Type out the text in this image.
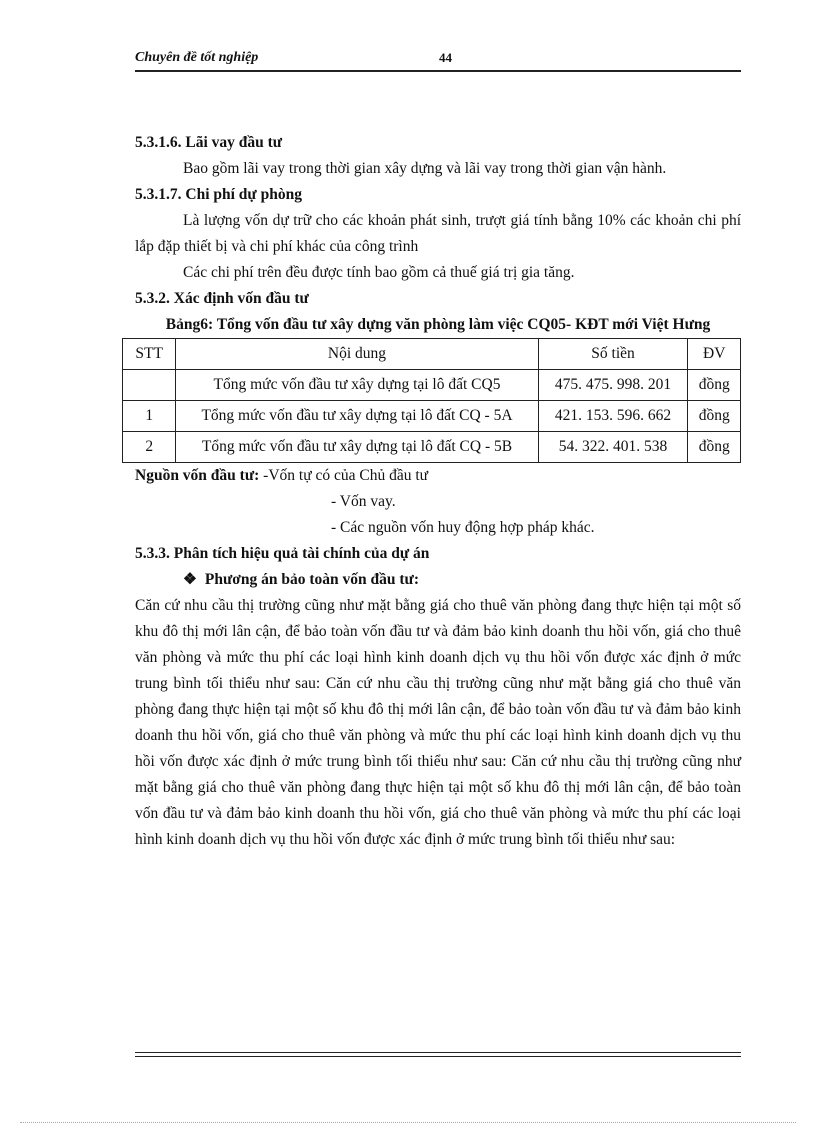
Chuyên đề tốt nghiệp	44

5.3.1.6. Lãi vay đầu tư

Bao gồm lãi vay trong thời gian xây dựng và lãi vay trong thời gian vận hành.

5.3.1.7. Chi phí dự phòng

Là lượng vốn dự trữ cho các khoản phát sinh, trượt giá tính bằng 10% các khoản chi phí lắp đặp thiết bị và chi phí khác của công trình

Các chi phí trên đều được tính bao gồm cả thuế giá trị gia tăng.

5.3.2. Xác định vốn đầu tư

Bảng6: Tổng vốn đầu tư xây dựng văn phòng làm việc CQ05- KĐT mới Việt Hưng

STT	Nội dung	Số tiền	ĐV
	Tổng mức vốn đầu tư xây dựng tại lô đất CQ5	475. 475. 998. 201	đồng
1	Tổng mức vốn đầu tư xây dựng tại lô đất CQ - 5A	421. 153. 596. 662	đồng
2	Tổng mức vốn đầu tư xây dựng tại lô đất CQ - 5B	54. 322. 401. 538	đồng

Nguồn vốn đầu tư: -Vốn tự có của Chủ đầu tư

- Vốn vay.

- Các nguồn vốn huy động hợp pháp khác.

5.3.3. Phân tích hiệu quả tài chính của dự án

❖ Phương án bảo toàn vốn đầu tư:

Căn cứ nhu cầu thị trường cũng như mặt bằng giá cho thuê văn phòng đang thực hiện tại một số khu đô thị mới lân cận, để bảo toàn vốn đầu tư và đảm bảo kinh doanh thu hồi vốn, giá cho thuê văn phòng và mức thu phí các loại hình kinh doanh dịch vụ thu hồi vốn được xác định ở mức trung bình tối thiểu như sau: Căn cứ nhu cầu thị trường cũng như mặt bằng giá cho thuê văn phòng đang thực hiện tại một số khu đô thị mới lân cận, để bảo toàn vốn đầu tư và đảm bảo kinh doanh thu hồi vốn, giá cho thuê văn phòng và mức thu phí các loại hình kinh doanh dịch vụ thu hồi vốn được xác định ở mức trung bình tối thiểu như sau: Căn cứ nhu cầu thị trường cũng như mặt bằng giá cho thuê văn phòng đang thực hiện tại một số khu đô thị mới lân cận, để bảo toàn vốn đầu tư và đảm bảo kinh doanh thu hồi vốn, giá cho thuê văn phòng và mức thu phí các loại hình kinh doanh dịch vụ thu hồi vốn được xác định ở mức trung bình tối thiểu như sau:
